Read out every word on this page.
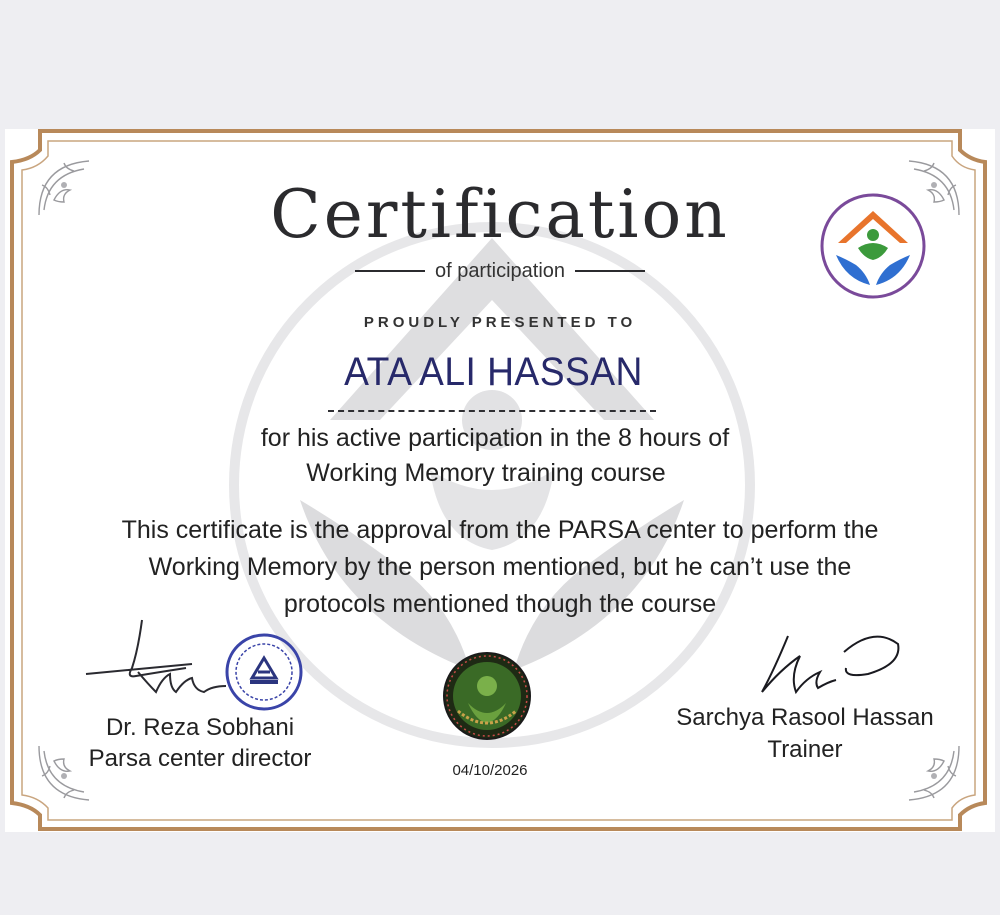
Certification
of participation
PROUDLY PRESENTED TO
ATA ALI HASSAN
for his active participation in the 8 hours of
Working Memory training course
This certificate is the approval from the PARSA center to perform the
Working Memory by the person mentioned, but he can’t use the
protocols mentioned though the course
Dr. Reza Sobhani
Parsa center director
Sarchya Rasool Hassan
Trainer
04/10/2026
